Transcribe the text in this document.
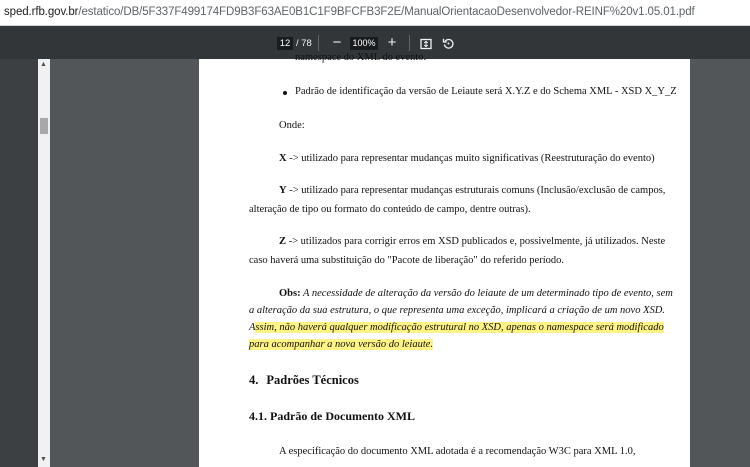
sped.rfb.gov.br/estatico/DB/5F337F499174FD9B3F63AE0B1C1F9BFCFB3F2E/ManualOrientacaoDesenvolvedor-REINF%20v1.05.01.pdf
12
/ 78 −
100%	+
▲
▼
namespace do XML do evento.
Padrão de identificação da versão de Leiaute será X.Y.Z e do Schema XML - XSD X_Y_Z
Onde:
X -> utilizado para representar mudanças muito significativas (Reestruturação do evento)
Y -> utilizado para representar mudanças estruturais comuns (Inclusão/exclusão de campos,
alteração de tipo ou formato do conteúdo de campo, dentre outras).
Z -> utilizados para corrigir erros em XSD publicados e, possivelmente, já utilizados. Neste
caso haverá uma substituição do "Pacote de liberação" do referido período.
Obs: A necessidade de alteração da versão do leiaute de um determinado tipo de evento, sem
a alteração da sua estrutura, o que representa uma exceção, implicará a criação de um novo XSD.
Assim, não haverá qualquer modificação estrutural no XSD, apenas o namespace será modificado
para acompanhar a nova versão do leiaute.
4. Padrões Técnicos
4.1. Padrão de Documento XML
A especificação do documento XML adotada é a recomendação W3C para XML 1.0,
